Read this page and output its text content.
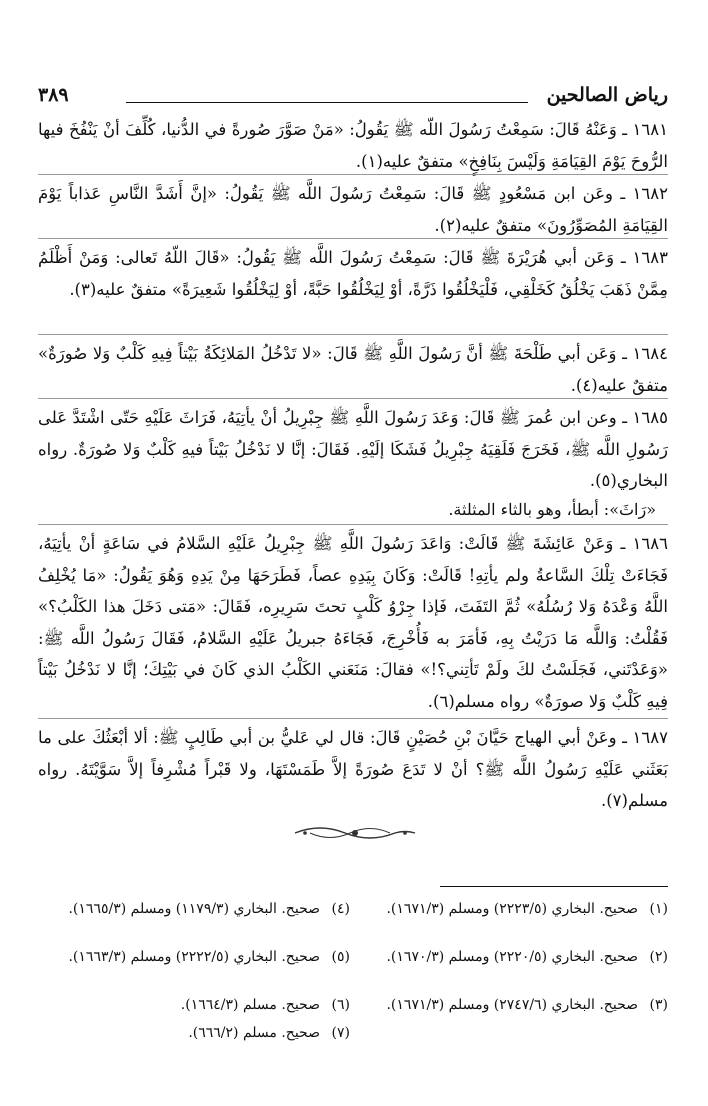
رياض الصالحين
٣٨٩
١٦٨١ ـ وَعَنْهُ قَالَ: سَمِعْتُ رَسُولَ اللّه ﷺ يَقُولُ: «مَنْ صَوَّرَ صُورةً في الدُّنيا، كُلِّفَ أنْ يَنْفُخَ فيها الرُّوحَ يَوْمَ القِيَامَةِ وَلَيْسَ بِنَافِخٍ» متفقٌ عليه(١).
١٦٨٢ ـ وعَن ابن مَسْعُودٍ ﷺ قَالَ: سَمِعْتُ رَسُولَ اللَّه ﷺ يَقُولُ: «إنَّ أَشَدَّ النَّاسِ عَذاباً يَوْمَ القِيَامَةِ المُصَوِّرُونَ» متفقٌ عليه(٢).
١٦٨٣ ـ وَعَن أبي هُرَيْرَةَ ﷺ قَالَ: سَمِعْتُ رَسُولَ اللَّه ﷺ يَقُولُ: «قَالَ اللّهُ تَعالى: وَمَنْ أَظْلَمُ مِمَّنْ ذَهَبَ يَخْلُقُ كَخَلْقِي، فَلْيَخْلُقُوا ذَرَّةً، أوْ لِيَخْلُقُوا حَبَّةً، أوْ لِيَخْلُقُوا شَعِيرَةً» متفقٌ عليه(٣).
١٦٨٤ ـ وَعَن أبي طَلْحَةَ ﷺ أنَّ رَسُولَ اللَّهِ ﷺ قَالَ: «لا تَدْخُلُ المَلائِكَةُ بَيْتاً فِيهِ كَلْبٌ وَلا صُورَةٌ» متفقٌ عليه(٤).
١٦٨٥ ـ وعن ابن عُمرَ ﷺ قَالَ: وَعَدَ رَسُولَ اللَّهِ ﷺ جِبْرِيلُ أنْ يأتِيَهُ، فَرَاثَ عَلَيْهِ حَتّى اشْتَدَّ عَلى رَسُولِ اللَّه ﷺ، فَخَرَجَ فَلَقِيَهُ جِبْرِيلُ فَشَكَا إلَيْهِ. فَقَالَ: إنَّا لا نَدْخُلُ بَيْتاً فيهِ كَلْبٌ وَلا صُورَةٌ. رواه البخاري(٥).
«رَاثَ»: أبطأ، وهو بالثاء المثلثة.
١٦٨٦ ـ وَعَنْ عَائِشَةَ ﷺ قَالَتْ: وَاعَدَ رَسُولَ اللَّهِ ﷺ جِبْرِيلُ عَلَيْهِ السَّلامُ في سَاعَةٍ أنْ يأتِيَهُ، فَجَاءَتْ تِلْكَ السَّاعةُ ولم يأتِهِ! قَالَتْ: وَكَانَ بِيَدِهِ عصاً، فَطَرَحَهَا مِنْ يَدِهِ وَهُوَ يَقُولُ: «مَا يُخْلِفُ اللَّهُ وَعْدَهُ وَلا رُسُلُهُ» ثُمَّ التَفَتَ، فَإذا جِرْوُ كَلْبٍ تحتَ سَرِيرِه، فَقَالَ: «مَتى دَخَلَ هذا الكَلْبُ؟» فَقُلْتُ: وَاللَّه مَا دَرَيْتُ بِهِ، فَأمَرَ به فَأُخْرِجَ، فَجَاءَهُ جبريلُ عَلَيْهِ السَّلامُ، فَقَالَ رَسُولُ اللَّه ﷺ: «وَعَدْتَني، فَجَلَسْتُ لكَ ولَمْ تَأتِني؟!» فقالَ: مَنَعَني الكَلْبُ الذي كَانَ في بَيْتِكَ؛ إنَّا لا نَدْخُلُ بَيْتاً فِيهِ كَلْبٌ وَلا صورَةٌ» رواه مسلم(٦).
١٦٨٧ ـ وعَنْ أبي الهياج حَيَّانَ بْنِ حُصَيْنٍ قَالَ: قال لي عَليُّ بن أبي طَالِبٍ ﷺ: ألا أبْعَثُكَ على ما بَعَثَني عَلَيْهِ رَسُولُ اللَّه ﷺ؟ أنْ لا تَدَعَ صُورَةً إلاَّ طَمَسْتَهَا، ولا قَبْراً مُشْرِفاً إلاَّ سَوَّيْتَهُ. رواه مسلم(٧).
(١)صحيح. البخاري (٢٢٢٣/٥) ومسلم (١٦٧١/٣).
(٢)صحيح. البخاري (٢٢٢٠/٥) ومسلم (١٦٧٠/٣).
(٣)صحيح. البخاري (٢٧٤٧/٦) ومسلم (١٦٧١/٣).
(٤)صحيح. البخاري (١١٧٩/٣) ومسلم (١٦٦٥/٣).
(٥)صحيح. البخاري (٢٢٢٢/٥) ومسلم (١٦٦٣/٣).
(٦)صحيح. مسلم (١٦٦٤/٣).
(٧)صحيح. مسلم (٦٦٦/٢).
